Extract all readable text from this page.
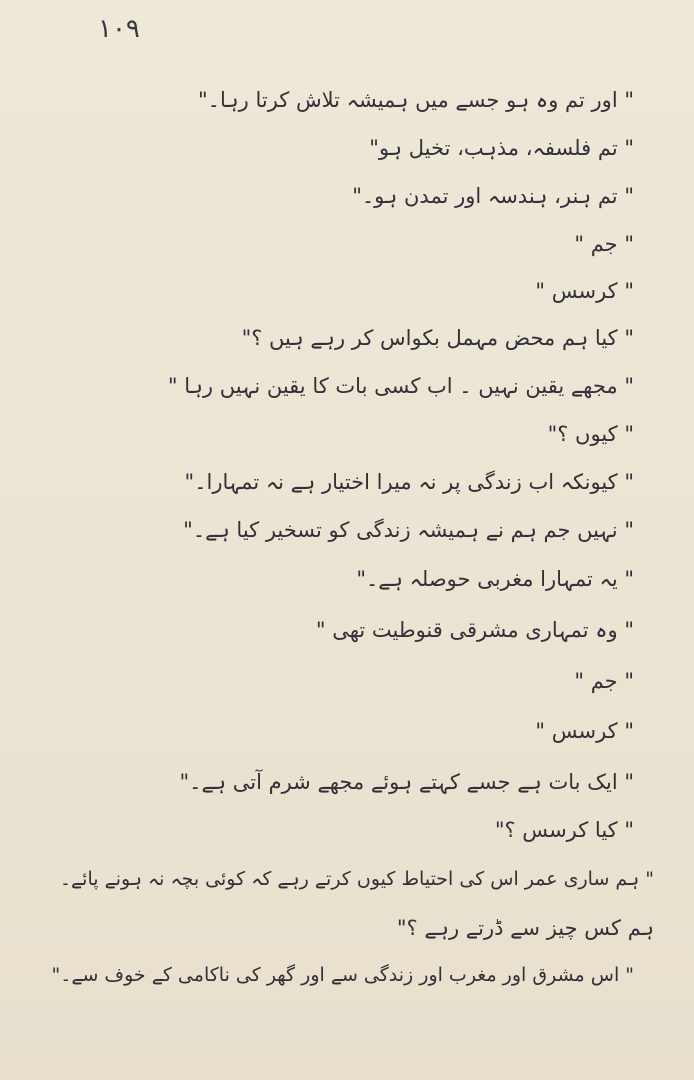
۱۰۹
" اور تم وہ ہو جسے میں ہمیشہ تلاش کرتا رہا۔"
" تم فلسفہ، مذہب، تخیل ہو"
" تم ہنر، ہندسہ اور تمدن ہو۔"
" جم "
" کرسس "
" کیا ہم محض مہمل بکواس کر رہے ہیں ؟"
" مجھے یقین نہیں ۔ اب کسی بات کا یقین نہیں رہا "
" کیوں ؟"
" کیونکہ اب زندگی پر نہ میرا اختیار ہے نہ تمہارا۔"
" نہیں جم ہم نے ہمیشہ زندگی کو تسخیر کیا ہے۔"
" یہ تمہارا مغربی حوصلہ ہے۔"
" وہ تمہاری مشرقی قنوطیت تھی "
" جم "
" کرسس "
" ایک بات ہے جسے کہتے ہوئے مجھے شرم آتی ہے۔"
" کیا کرسس ؟"
" ہم ساری عمر اس کی احتیاط کیوں کرتے رہے کہ کوئی بچہ نہ ہونے پائے۔
ہم کس چیز سے ڈرتے رہے ؟"
" اس مشرق اور مغرب اور زندگی سے اور گھر کی ناکامی کے خوف سے۔"
